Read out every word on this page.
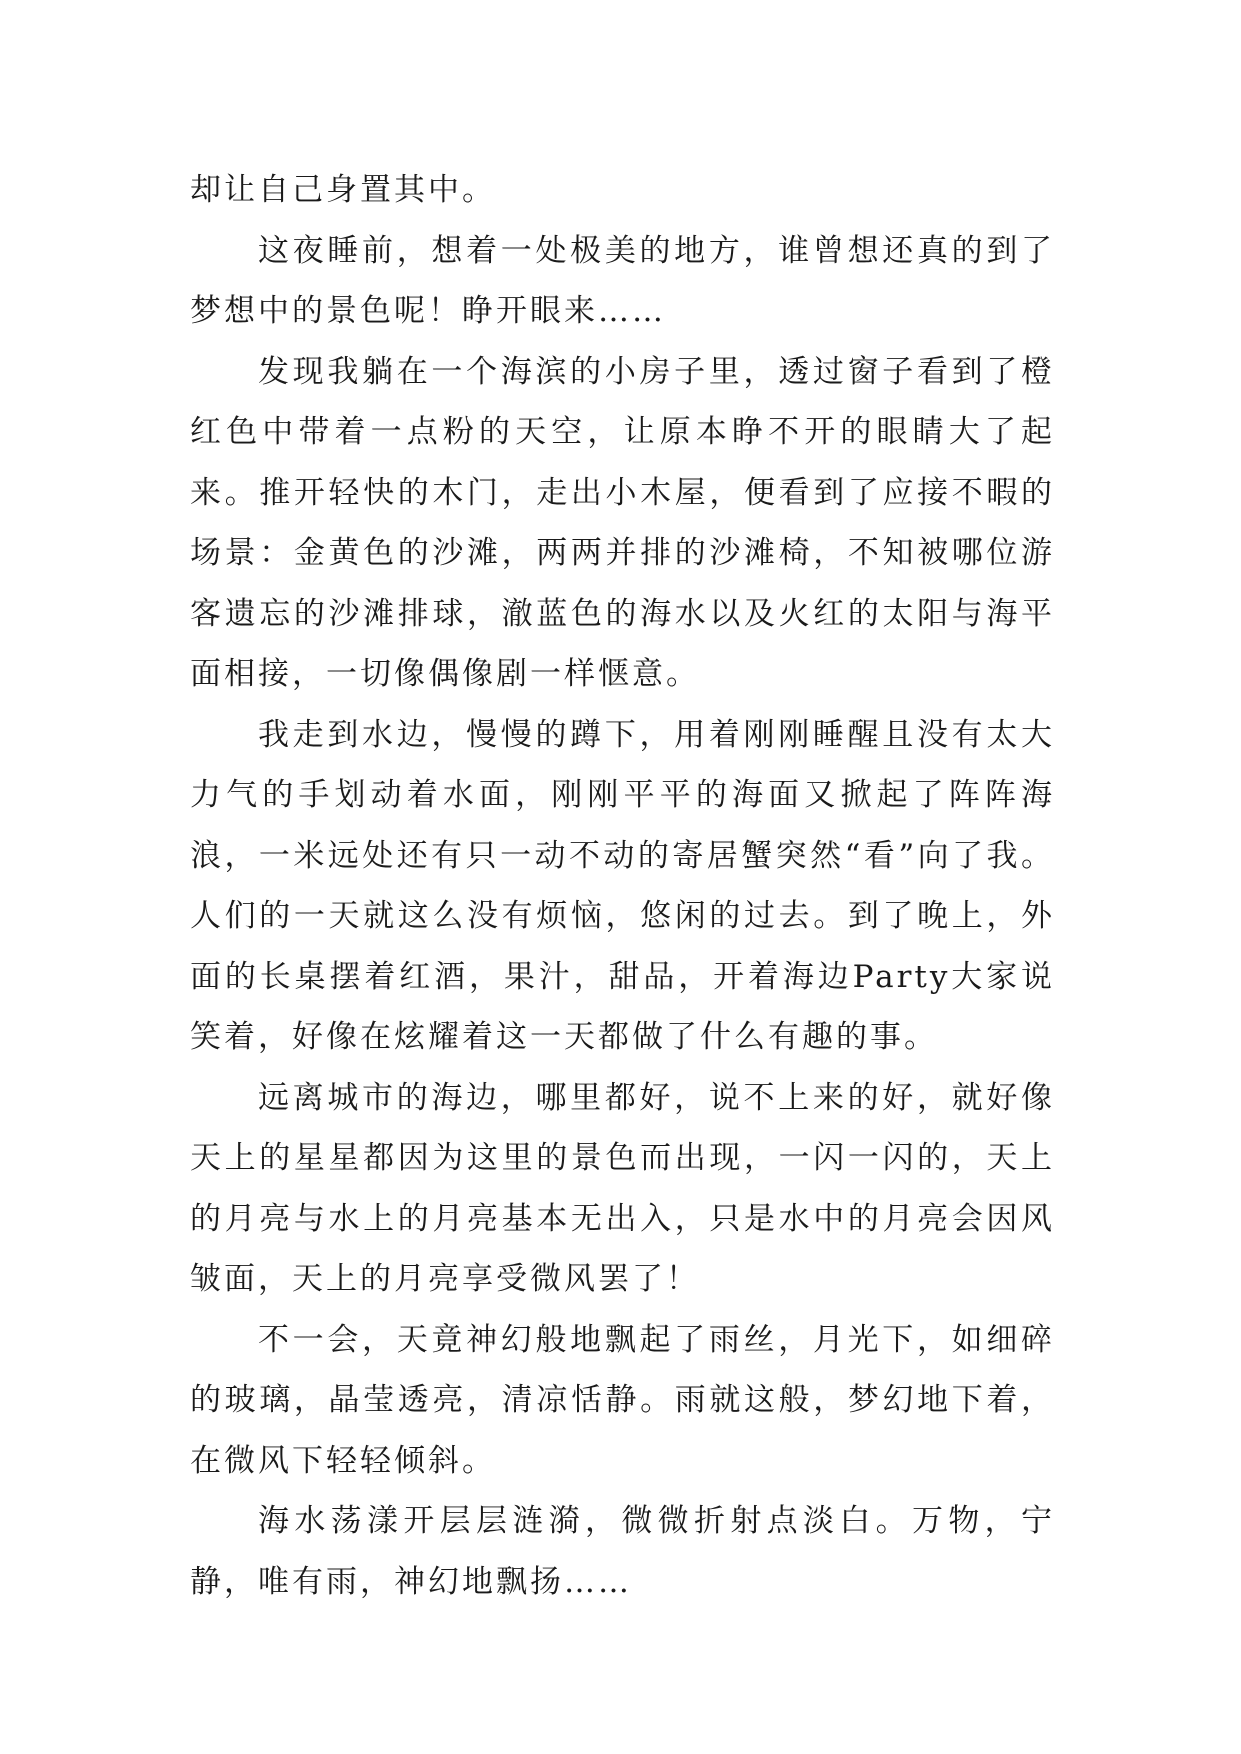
却让自己身置其中。

这夜睡前，想着一处极美的地方，谁曾想还真的到了梦想中的景色呢！睁开眼来……

发现我躺在一个海滨的小房子里，透过窗子看到了橙红色中带着一点粉的天空，让原本睁不开的眼睛大了起来。推开轻快的木门，走出小木屋，便看到了应接不暇的场景：金黄色的沙滩，两两并排的沙滩椅，不知被哪位游客遗忘的沙滩排球，澈蓝色的海水以及火红的太阳与海平面相接，一切像偶像剧一样惬意。

我走到水边，慢慢的蹲下，用着刚刚睡醒且没有太大力气的手划动着水面，刚刚平平的海面又掀起了阵阵海浪，一米远处还有只一动不动的寄居蟹突然“看”向了我。人们的一天就这么没有烦恼，悠闲的过去。到了晚上，外面的长桌摆着红酒，果汁，甜品，开着海边Party大家说笑着，好像在炫耀着这一天都做了什么有趣的事。

远离城市的海边，哪里都好，说不上来的好，就好像天上的星星都因为这里的景色而出现，一闪一闪的，天上的月亮与水上的月亮基本无出入，只是水中的月亮会因风皱面，天上的月亮享受微风罢了！

不一会，天竟神幻般地飘起了雨丝，月光下，如细碎的玻璃，晶莹透亮，清凉恬静。雨就这般，梦幻地下着，在微风下轻轻倾斜。

海水荡漾开层层涟漪，微微折射点淡白。万物，宁静，唯有雨，神幻地飘扬……
